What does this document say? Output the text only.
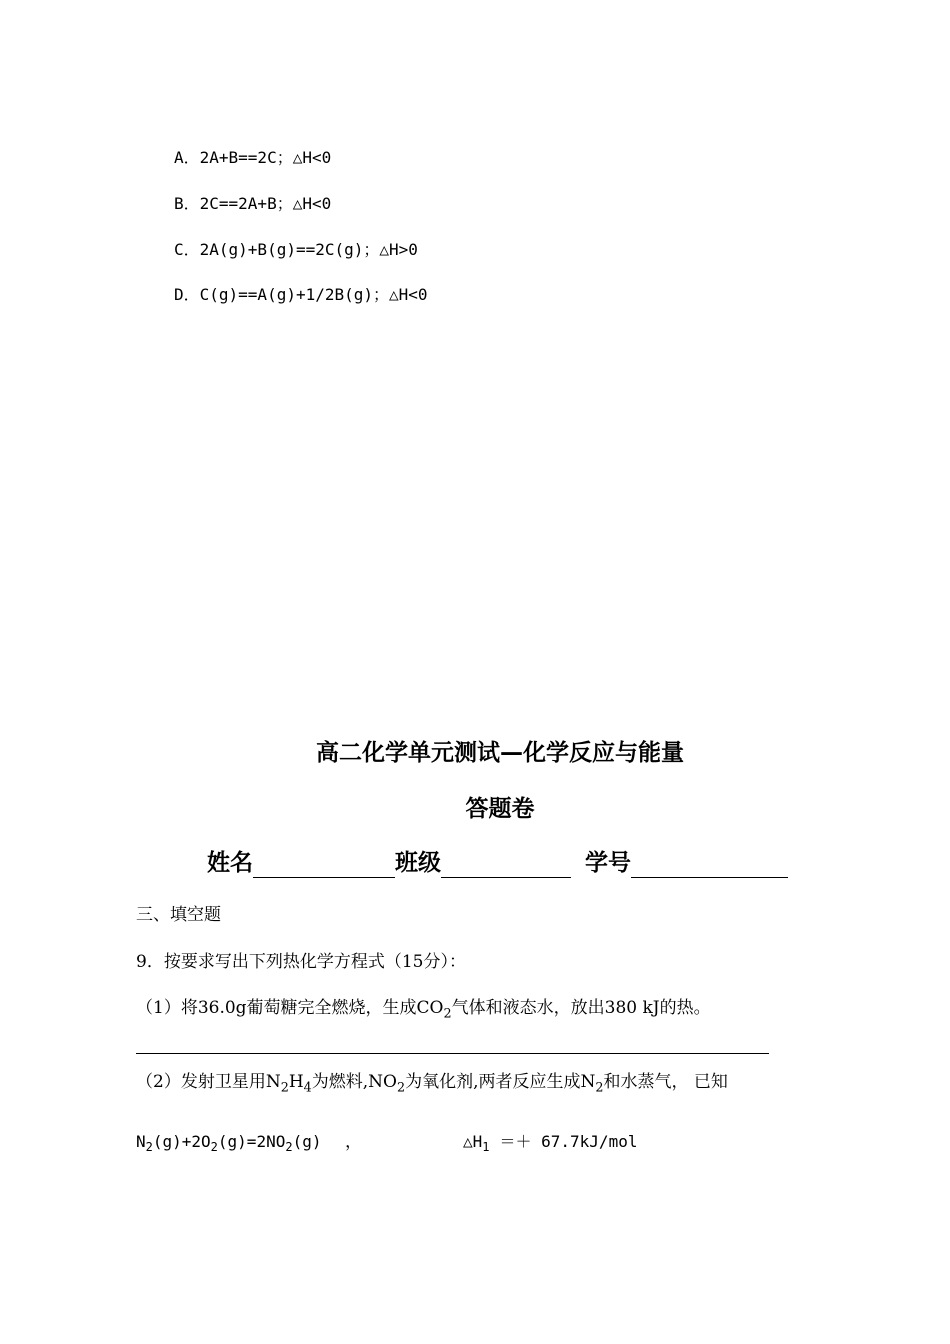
A．2A+B==2C；△H<0
B．2C==2A+B；△H<0
C．2A(g)+B(g)==2C(g)；△H>0
D．C(g)==A(g)+1/2B(g)；△H<0
高二化学单元测试—化学反应与能量
答题卷
姓名	班级	学号
三、填空题
9．按要求写出下列热化学方程式（15分）：
（1）将36.0g葡萄糖完全燃烧，生成$CO_2$气体和液态水，放出380 kJ的热。
（2）发射卫星用$N_2H_4$为燃料$,NO_2$为氧化剂,两者反应生成$N_2$和水蒸气， 已知
$N_2(g)+2O_2(g)=2NO_2(g)$ ，	$\triangle H_1 =+ 67.7kJ/mol$
